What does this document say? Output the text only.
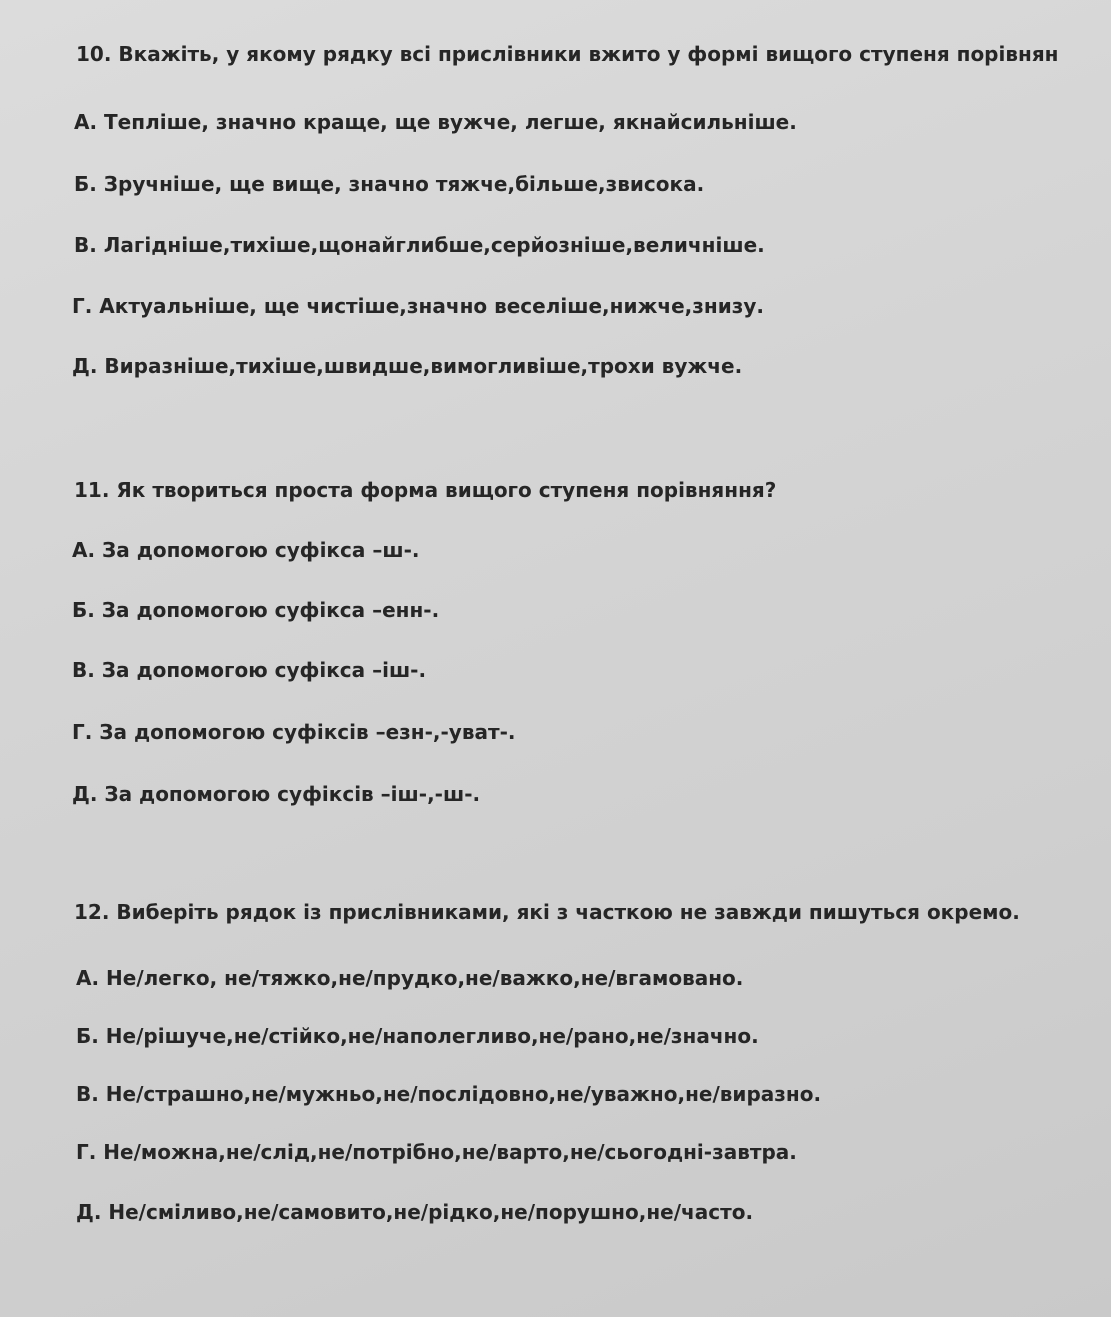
10. Вкажіть, у якому рядку всі прислівники вжито у формі вищого ступеня порівнян
А. Тепліше, значно краще, ще вужче, легше, якнайсильніше.
Б. Зручніше, ще вище, значно тяжче,більше,звисока.
В. Лагідніше,тихіше,щонайглибше,серйозніше,величніше.
Г. Актуальніше, ще чистіше,значно веселіше,нижче,знизу.
Д. Виразніше,тихіше,швидше,вимогливіше,трохи вужче.
11. Як твориться проста форма вищого ступеня порівняння?
А. За допомогою суфікса –ш-.
Б. За допомогою суфікса –енн-.
В. За допомогою суфікса –іш-.
Г. За допомогою суфіксів –езн-,-уват-.
Д. За допомогою суфіксів –іш-,-ш-.
12. Виберіть рядок із прислівниками, які з часткою не завжди пишуться окремо.
А. Не/легко, не/тяжко,не/прудко,не/важко,не/вгамовано.
Б. Не/рішуче,не/стійко,не/наполегливо,не/рано,не/значно.
В. Не/страшно,не/мужньо,не/послідовно,не/уважно,не/виразно.
Г. Не/можна,не/слід,не/потрібно,не/варто,не/сьогодні-завтра.
Д. Не/сміливо,не/самовито,не/рідко,не/порушно,не/часто.
